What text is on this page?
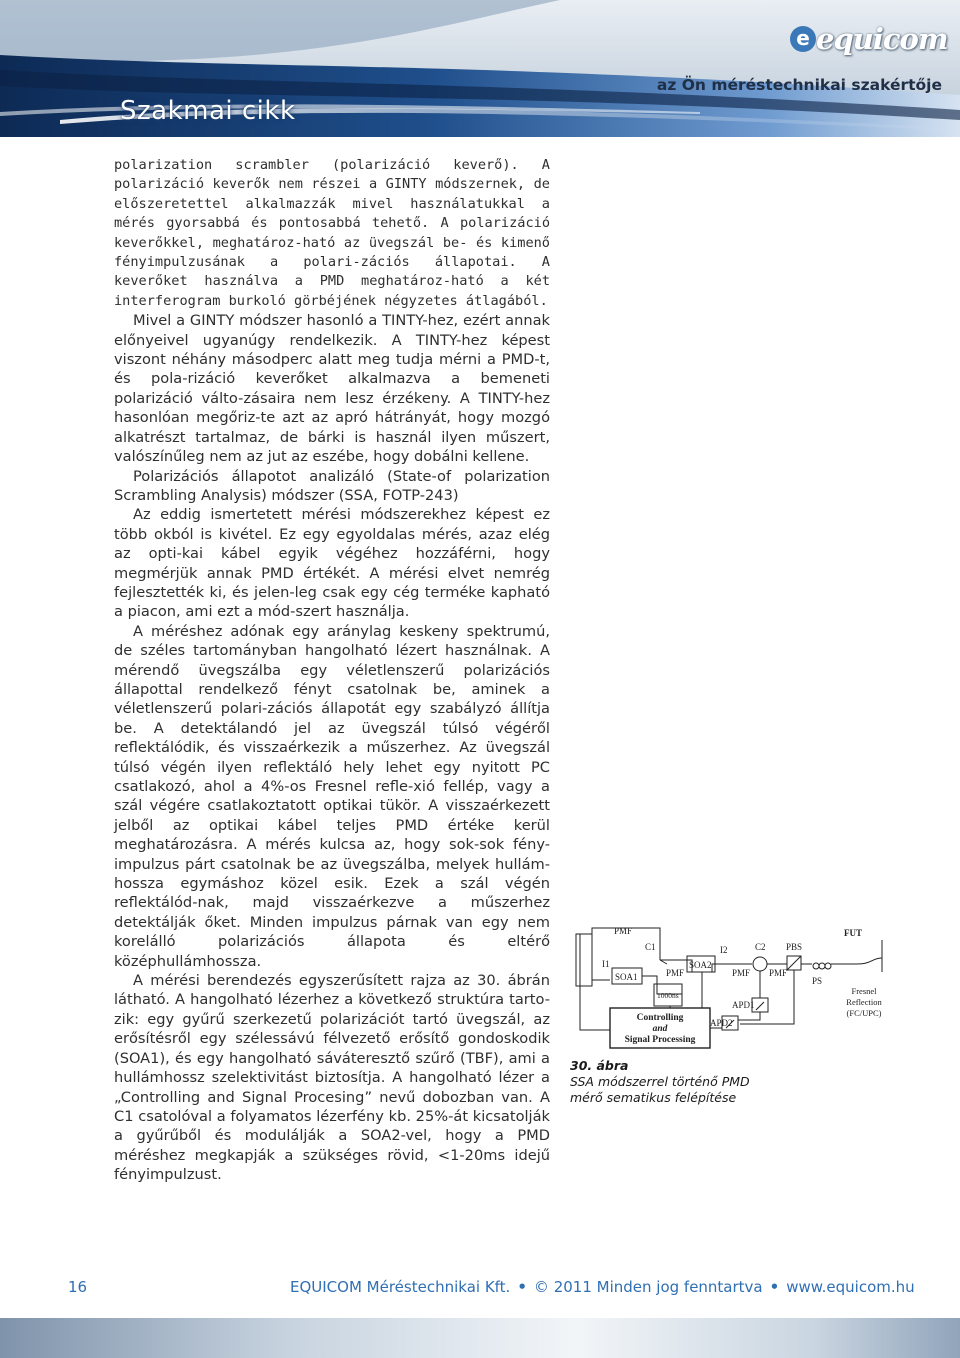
Szakmai cikk
e equicom
az Ön méréstechnikai szakértője

polarization scrambler (polarizáció keverő). A polarizáció keverők nem részei a GINTY módszernek, de előszeretettel alkalmazzák mivel használatukkal a mérés gyorsabbá és pontosabbá tehető. A polarizáció keverőkkel, meghatároz-ható az üvegszál be- és kimenő fényimpulzusának a polari-zációs állapotai. A keverőket használva a PMD meghatároz-ható a két interferogram burkoló görbéjének négyzetes átlagából.

Mivel a GINTY módszer hasonló a TINTY-hez, ezért annak előnyeivel ugyanúgy rendelkezik. A TINTY-hez képest viszont néhány másodperc alatt meg tudja mérni a PMD-t, és pola-rizáció keverőket alkalmazva a bemeneti polarizáció válto-zásaira nem lesz érzékeny. A TINTY-hez hasonlóan megőriz-te azt az apró hátrányát, hogy mozgó alkatrészt tartalmaz, de bárki is használ ilyen műszert, valószínűleg nem az jut az eszébe, hogy dobálni kellene.

Polarizációs állapotot analizáló (State-of polarization Scrambling Analysis) módszer (SSA, FOTP-243)

Az eddig ismertetett mérési módszerekhez képest ez több okból is kivétel. Ez egy egyoldalas mérés, azaz elég az opti-kai kábel egyik végéhez hozzáférni, hogy megmérjük annak PMD értékét. A mérési elvet nemrég fejlesztették ki, és jelen-leg csak egy cég terméke kapható a piacon, ami ezt a mód-szert használja.

A méréshez adónak egy aránylag keskeny spektrumú, de széles tartományban hangolható lézert használnak. A mérendő üvegszálba egy véletlenszerű polarizációs állapottal rendelkező fényt csatolnak be, aminek a véletlenszerű polari-zációs állapotát egy szabályzó állítja be. A detektálandó jel az üvegszál túlsó végéről reflektálódik, és visszaérkezik a műszerhez. Az üvegszál túlsó végén ilyen reflektáló hely lehet egy nyitott PC csatlakozó, ahol a 4%-os Fresnel refle-xió fellép, vagy a szál végére csatlakoztatott optikai tükör. A visszaérkezett jelből az optikai kábel teljes PMD értéke kerül meghatározásra. A mérés kulcsa az, hogy sok-sok fény-impulzus párt csatolnak be az üvegszálba, melyek hullám-hossza egymáshoz közel esik. Ezek a szál végén reflektálód-nak, majd visszaérkezve a műszerhez detektálják őket. Minden impulzus párnak van egy nem korelálló polarizációs állapota és eltérő középhullámhossza.

A mérési berendezés egyszerűsített rajza az 30. ábrán látható. A hangolható lézerhez a következő struktúra tarto-zik: egy gyűrű szerkezetű polarizációt tartó üvegszál, az erősítésről egy szélessávú félvezető erősítő gondoskodik (SOA1), és egy hangolható sáváteresztő szűrő (TBF), ami a hullámhossz szelektivitást biztosítja. A hangolható lézer a „Controlling and Signal Procesing” nevű dobozban van. A C1 csatolóval a folyamatos lézerfény kb. 25%-át kicsatolják a gyűrűből és modulálják a SOA2-vel, hogy a PMD méréshez megkapják a szükséges rövid, <1-20ms idejű fényimpulzust.

PMF
C1
I1
SOA1
1000ns
PMF
SOA2
I2	C2
PMF PMF
PBS
PS
APD1
APD2
FUT
Controlling
and
Signal Processing
Fresnel
Reflection
(FC/UPC)
30. ábra
SSA módszerrel történő PMD mérő sematikus felépítése
16	EQUICOM Méréstechnikai Kft. • © 2011 Minden jog fenntartva • www.equicom.hu
